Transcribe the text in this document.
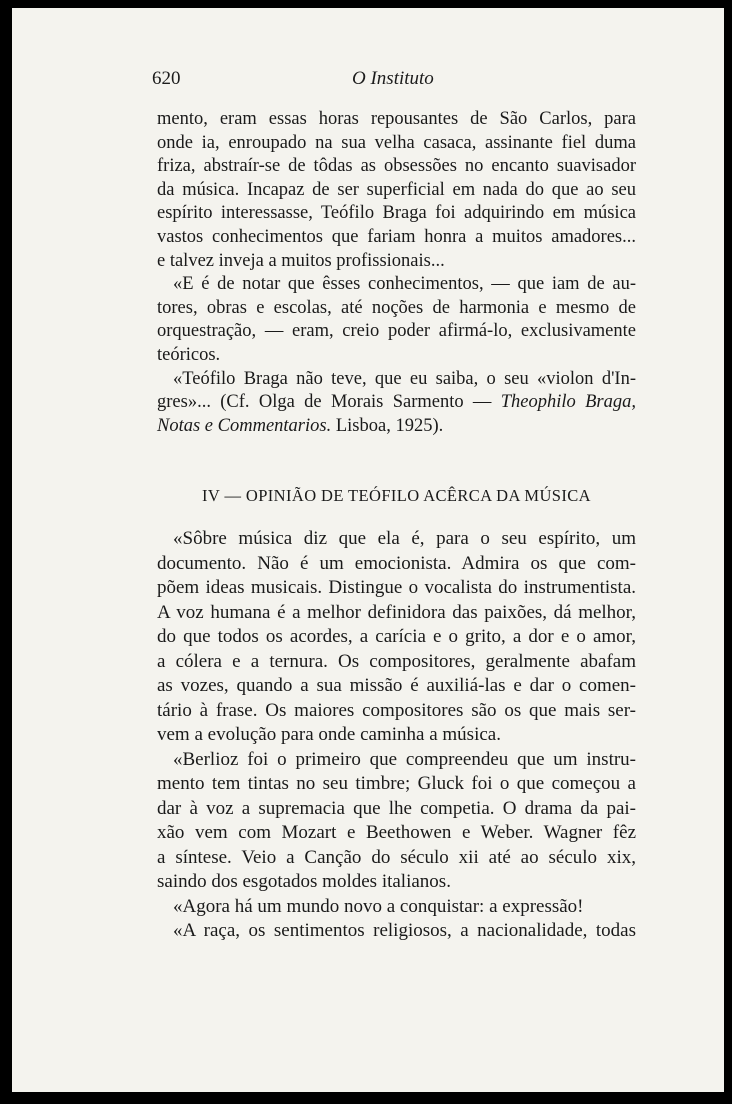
620	O Instituto
mento, eram essas horas repousantes de São Carlos, para
onde ia, enroupado na sua velha casaca, assinante fiel duma
friza, abstraír-se de tôdas as obsessões no encanto suavisador
da música. Incapaz de ser superficial em nada do que ao seu
espírito interessasse, Teófilo Braga foi adquirindo em música
vastos conhecimentos que fariam honra a muitos amadores...
e talvez inveja a muitos profissionais...
«E é de notar que êsses conhecimentos, — que iam de au-
tores, obras e escolas, até noções de harmonia e mesmo de
orquestração, — eram, creio poder afirmá-lo, exclusivamente
teóricos.
«Teófilo Braga não teve, que eu saiba, o seu «violon d'In-
gres»... (Cf. Olga de Morais Sarmento — Theophilo Braga,
Notas e Commentarios. Lisboa, 1925).
IV — OPINIÃO DE TEÓFILO ACÊRCA DA MÚSICA
«Sôbre música diz que ela é, para o seu espírito, um
documento. Não é um emocionista. Admira os que com-
põem ideas musicais. Distingue o vocalista do instrumentista.
A voz humana é a melhor definidora das paixões, dá melhor,
do que todos os acordes, a carícia e o grito, a dor e o amor,
a cólera e a ternura. Os compositores, geralmente abafam
as vozes, quando a sua missão é auxiliá-las e dar o comen-
tário à frase. Os maiores compositores são os que mais ser-
vem a evolução para onde caminha a música.
«Berlioz foi o primeiro que compreendeu que um instru-
mento tem tintas no seu timbre; Gluck foi o que começou a
dar à voz a supremacia que lhe competia. O drama da pai-
xão vem com Mozart e Beethowen e Weber. Wagner fêz
a síntese. Veio a Canção do século xii até ao século xix,
saindo dos esgotados moldes italianos.
«Agora há um mundo novo a conquistar: a expressão!
«A raça, os sentimentos religiosos, a nacionalidade, todas
